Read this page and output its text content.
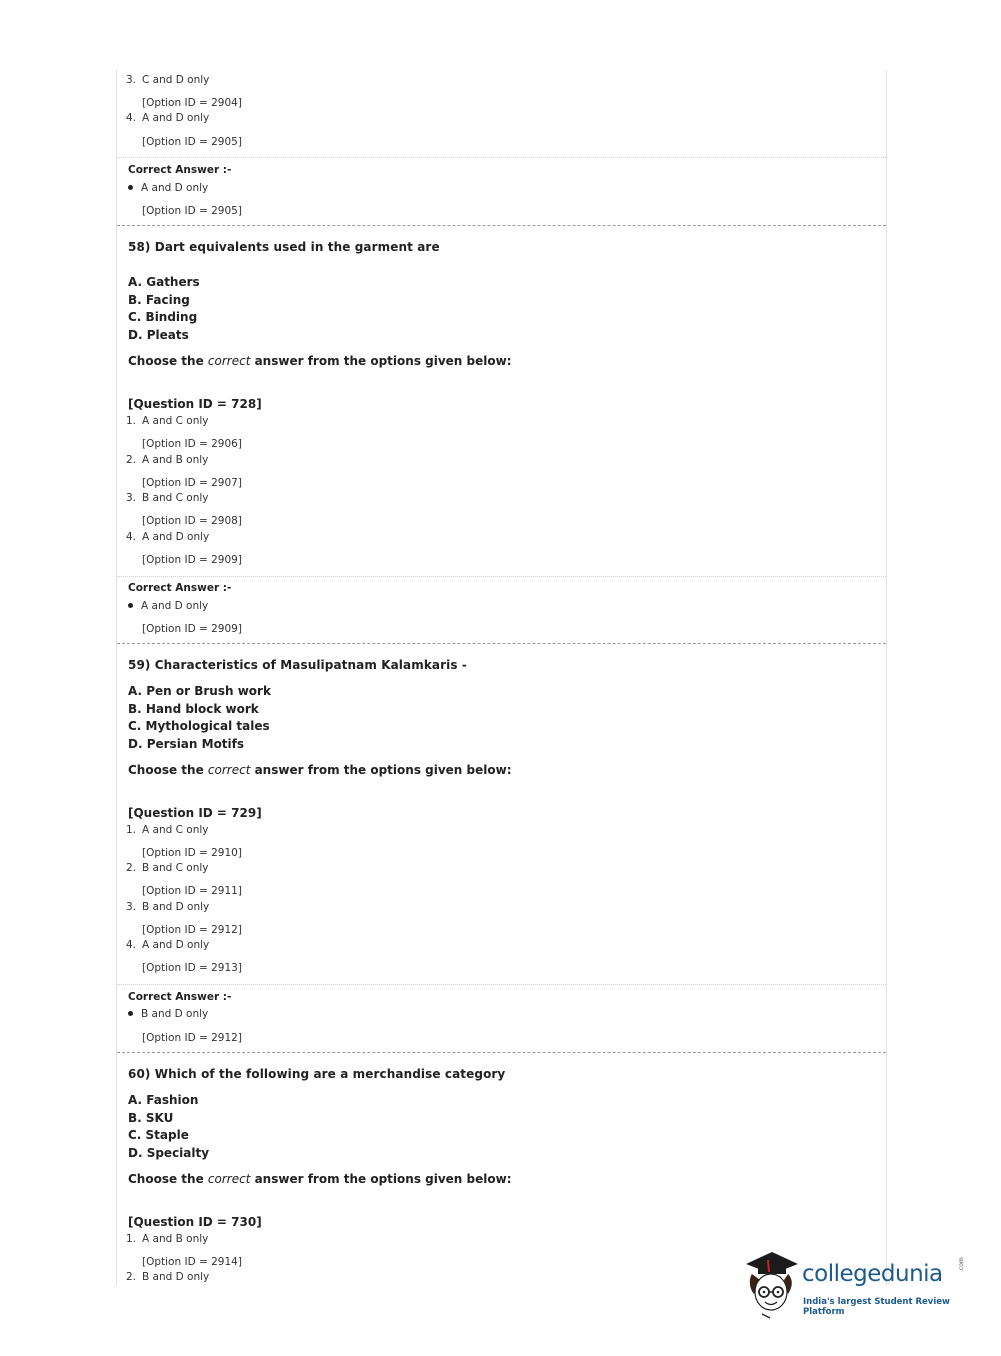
3. C and D only
[Option ID = 2904]
4. A and D only
[Option ID = 2905]
Correct Answer :-
A and D only
[Option ID = 2905]
58) Dart equivalents used in the garment are
A. Gathers
B. Facing
C. Binding
D. Pleats
Choose the correct answer from the options given below:
[Question ID = 728]
1. A and C only
[Option ID = 2906]
2. A and B only
[Option ID = 2907]
3. B and C only
[Option ID = 2908]
4. A and D only
[Option ID = 2909]
Correct Answer :-
A and D only
[Option ID = 2909]
59) Characteristics of Masulipatnam Kalamkaris -
A. Pen or Brush work
B. Hand block work
C. Mythological tales
D. Persian Motifs
Choose the correct answer from the options given below:
[Question ID = 729]
1. A and C only
[Option ID = 2910]
2. B and C only
[Option ID = 2911]
3. B and D only
[Option ID = 2912]
4. A and D only
[Option ID = 2913]
Correct Answer :-
B and D only
[Option ID = 2912]
60) Which of the following are a merchandise category
A. Fashion
B. SKU
C. Staple
D. Specialty
Choose the correct answer from the options given below:
[Question ID = 730]
1. A and B only
[Option ID = 2914]
2. B and D only	collegedunia	.com
India's largest Student Review Platform
